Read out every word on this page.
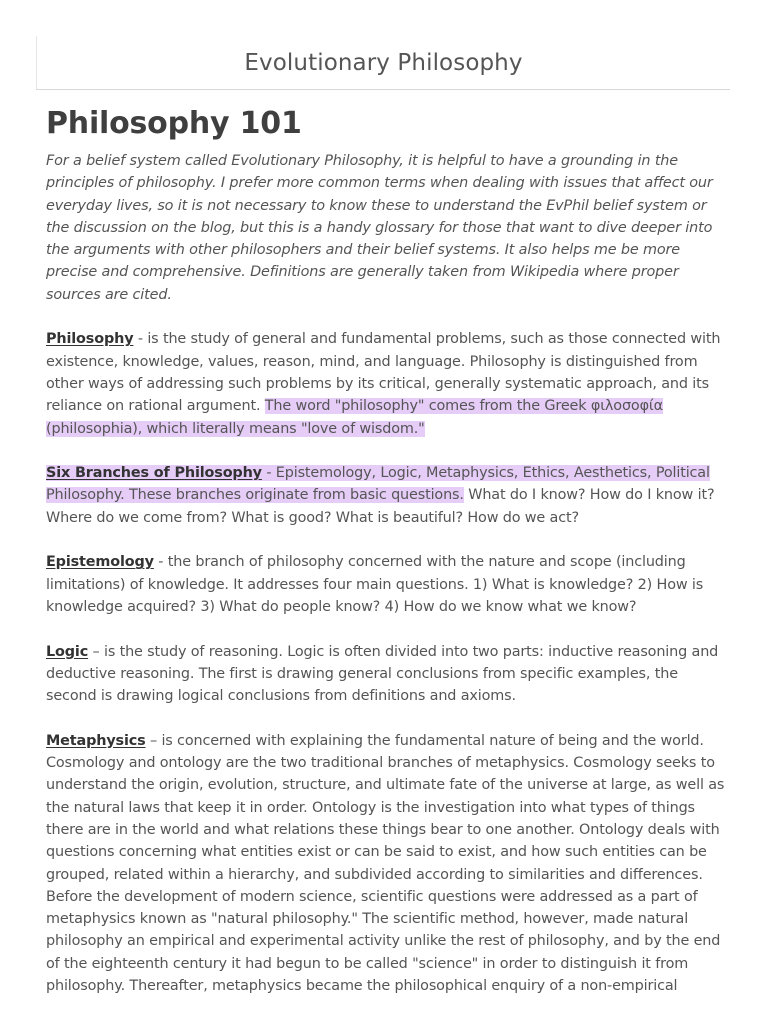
Evolutionary Philosophy
Philosophy 101

For a belief system called Evolutionary Philosophy, it is helpful to have a grounding in the principles of philosophy. I prefer more common terms when dealing with issues that affect our everyday lives, so it is not necessary to know these to understand the EvPhil belief system or the discussion on the blog, but this is a handy glossary for those that want to dive deeper into the arguments with other philosophers and their belief systems. It also helps me be more precise and comprehensive. Definitions are generally taken from Wikipedia where proper sources are cited.

Philosophy - is the study of general and fundamental problems, such as those connected with existence, knowledge, values, reason, mind, and language. Philosophy is distinguished from other ways of addressing such problems by its critical, generally systematic approach, and its reliance on rational argument. The word "philosophy" comes from the Greek φιλοσοφία (philosophia), which literally means "love of wisdom."

Six Branches of Philosophy - Epistemology, Logic, Metaphysics, Ethics, Aesthetics, Political Philosophy. These branches originate from basic questions. What do I know? How do I know it? Where do we come from? What is good? What is beautiful? How do we act?

Epistemology - the branch of philosophy concerned with the nature and scope (including limitations) of knowledge. It addresses four main questions. 1) What is knowledge? 2) How is knowledge acquired? 3) What do people know? 4) How do we know what we know?

Logic – is the study of reasoning. Logic is often divided into two parts: inductive reasoning and deductive reasoning. The first is drawing general conclusions from specific examples, the second is drawing logical conclusions from definitions and axioms.

Metaphysics – is concerned with explaining the fundamental nature of being and the world. Cosmology and ontology are the two traditional branches of metaphysics. Cosmology seeks to understand the origin, evolution, structure, and ultimate fate of the universe at large, as well as the natural laws that keep it in order. Ontology is the investigation into what types of things there are in the world and what relations these things bear to one another. Ontology deals with questions concerning what entities exist or can be said to exist, and how such entities can be grouped, related within a hierarchy, and subdivided according to similarities and differences. Before the development of modern science, scientific questions were addressed as a part of metaphysics known as "natural philosophy." The scientific method, however, made natural philosophy an empirical and experimental activity unlike the rest of philosophy, and by the end of the eighteenth century it had begun to be called "science" in order to distinguish it from philosophy. Thereafter, metaphysics became the philosophical enquiry of a non-empirical
